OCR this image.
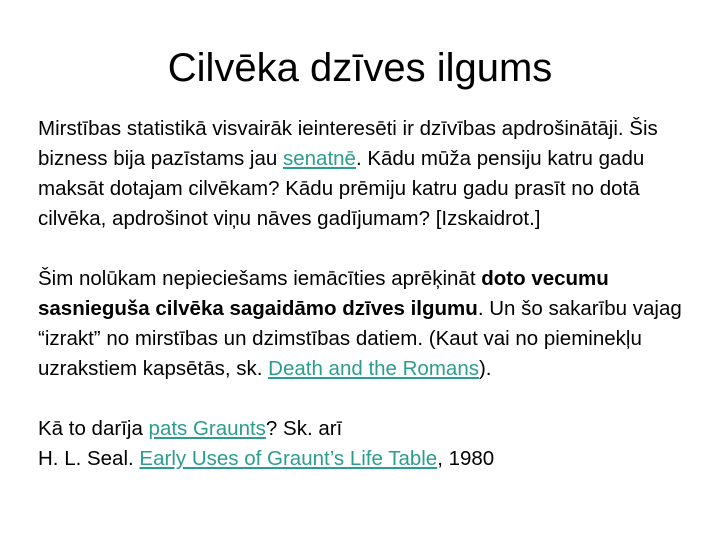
Cilvēka dzīves ilgums

Mirstības statistikā visvairāk ieinteresēti ir dzīvības apdrošinātāji. Šis bizness bija pazīstams jau senatnē. Kādu mūža pensiju katru gadu maksāt dotajam cilvēkam? Kādu prēmiju katru gadu prasīt no dotā cilvēka, apdrošinot viņu nāves gadījumam? [Izskaidrot.]

Šim nolūkam nepieciešams iemācīties aprēķināt doto vecumu sasnieguša cilvēka sagaidāmo dzīves ilgumu. Un šo sakarību vajag “izrakt” no mirstības un dzimstības datiem. (Kaut vai no pieminekļu uzrakstiem kapsētās, sk. Death and the Romans).

Kā to darīja pats Graunts? Sk. arī
H. L. Seal. Early Uses of Graunt’s Life Table, 1980
